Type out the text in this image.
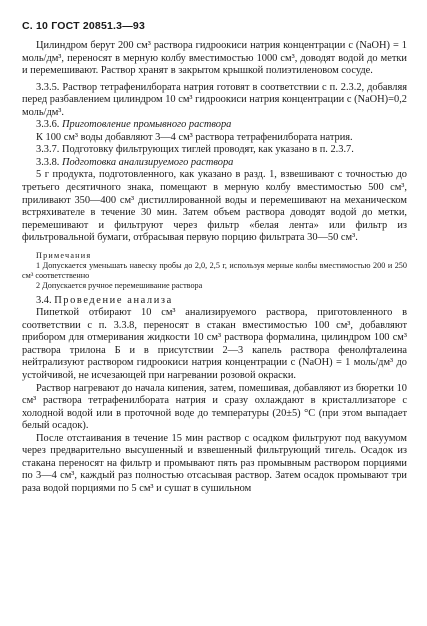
С. 10 ГОСТ 20851.3—93

Цилиндром берут 200 см³ раствора гидроокиси натрия концентрации с (NaOH) = 1 моль/дм³, переносят в мерную колбу вместимостью 1000 см³, доводят водой до метки и перемешивают. Раствор хранят в закрытом крышкой полиэтиленовом сосуде.

3.3.5. Раствор тетрафенилбората натрия готовят в соответствии с п. 2.3.2, добавляя перед разбавлением цилиндром 10 см³ гидроокиси натрия концентрации с (NaOH)=0,2 моль/дм³.

3.3.6. Приготовление промывного раствора

К 100 см³ воды добавляют 3—4 см³ раствора тетрафенилбората натрия.

3.3.7. Подготовку фильтрующих тиглей проводят, как указано в п. 2.3.7.

3.3.8. Подготовка анализируемого раствора

5 г продукта, подготовленного, как указано в разд. 1, взвешивают с точностью до третьего десятичного знака, помещают в мерную колбу вместимостью 500 см³, приливают 350—400 см³ дистиллированной воды и перемешивают на механическом встряхивателе в течение 30 мин. Затем объем раствора доводят водой до метки, перемешивают и фильтруют через фильтр «белая лента» или фильтр из фильтровальной бумаги, отбрасывая первую порцию фильтрата 30—50 см³.

Примечания

1 Допускается уменьшать навеску пробы до 2,0, 2,5 г, используя мерные колбы вместимостью 200 и 250 см³ соответственно

2 Допускается ручное перемешивание раствора

3.4. Проведение анализа

Пипеткой отбирают 10 см³ анализируемого раствора, приготовленного в соответствии с п. 3.3.8, переносят в стакан вместимостью 100 см³, добавляют прибором для отмеривания жидкости 10 см³ раствора формалина, цилиндром 100 см³ раствора трилона Б и в присутствии 2—3 капель раствора фенолфталеина нейтрализуют раствором гидроокиси натрия концентрации с (NaOH) = 1 моль/дм³ до устойчивой, не исчезающей при нагревании розовой окраски.

Раствор нагревают до начала кипения, затем, помешивая, добавляют из бюретки 10 см³ раствора тетрафенилбората натрия и сразу охлаждают в кристаллизаторе с холодной водой или в проточной воде до температуры (20±5) °С (при этом выпадает белый осадок).

После отстаивания в течение 15 мин раствор с осадком фильтруют под вакуумом через предварительно высушенный и взвешенный фильтрующий тигель. Осадок из стакана переносят на фильтр и промывают пять раз промывным раствором порциями по 3—4 см³, каждый раз полностью отсасывая раствор. Затем осадок промывают три раза водой порциями по 5 см³ и сушат в сушильном
